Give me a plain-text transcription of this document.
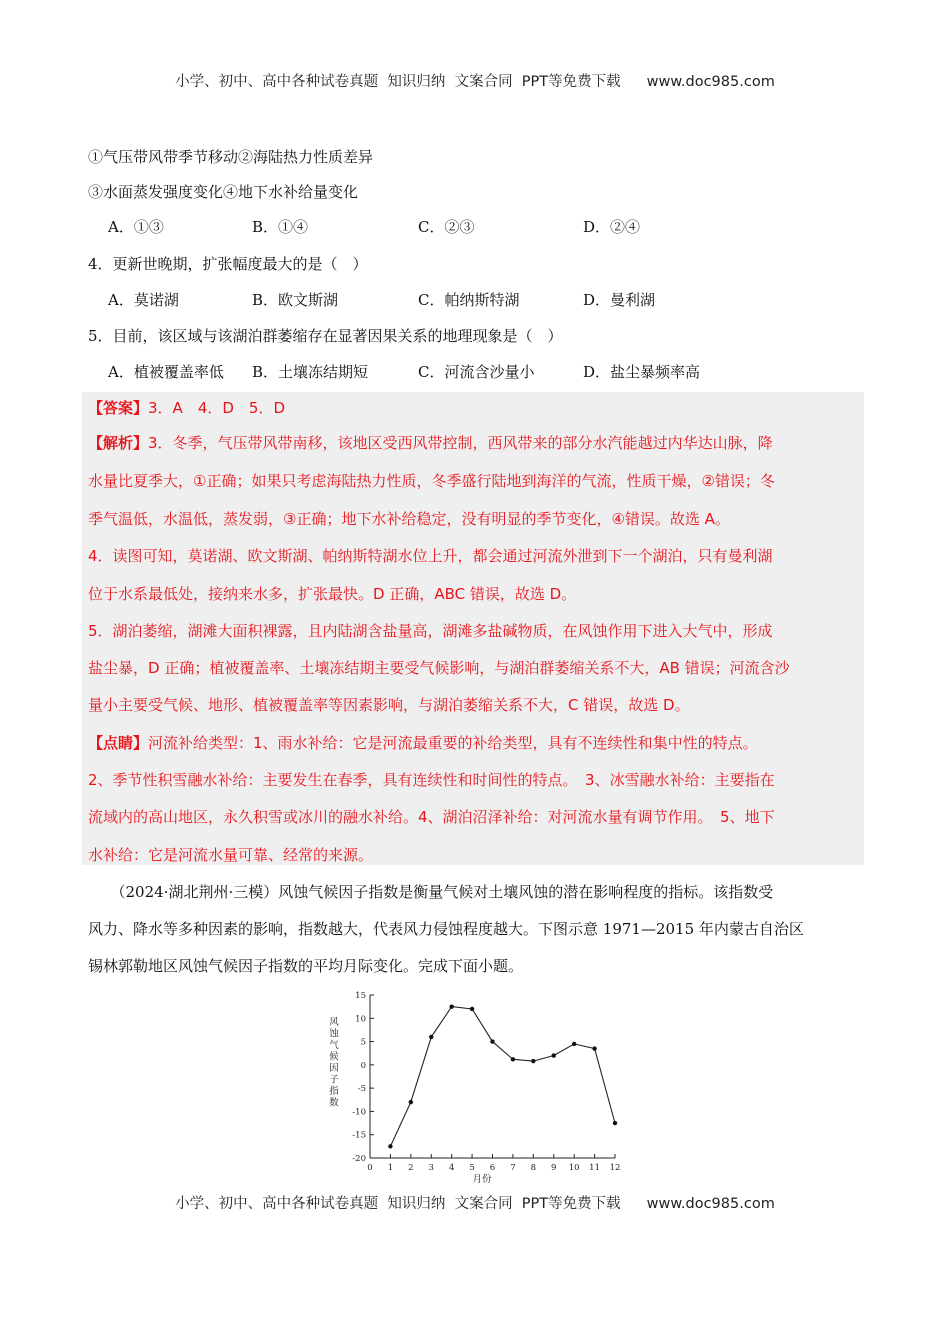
小学、初中、高中各种试卷真题  知识归纳  文案合同  PPT等免费下载 www.doc985.com
①气压带风带季节移动②海陆热力性质差异
③水面蒸发强度变化④地下水补给量变化
A．①③	B．①④	C．②③	D．②④
4．更新世晚期，扩张幅度最大的是（　）
A．莫诺湖	B．欧文斯湖	C．帕纳斯特湖	D．曼利湖
5．目前，该区域与该湖泊群萎缩存在显著因果关系的地理现象是（　）
A．植被覆盖率低 B．土壤冻结期短	C．河流含沙量小	D．盐尘暴频率高
【答案】3．A　4．D　5．D
【解析】3．冬季，气压带风带南移，该地区受西风带控制，西风带来的部分水汽能越过内华达山脉，降
水量比夏季大，①正确；如果只考虑海陆热力性质，冬季盛行陆地到海洋的气流，性质干燥，②错误；冬
季气温低，水温低，蒸发弱，③正确；地下水补给稳定，没有明显的季节变化，④错误。故选 A。
4．读图可知，莫诺湖、欧文斯湖、帕纳斯特湖水位上升，都会通过河流外泄到下一个湖泊，只有曼利湖
位于水系最低处，接纳来水多，扩张最快。D 正确，ABC 错误，故选 D。
5．湖泊萎缩，湖滩大面积裸露，且内陆湖含盐量高，湖滩多盐碱物质，在风蚀作用下进入大气中，形成
盐尘暴，D 正确；植被覆盖率、土壤冻结期主要受气候影响，与湖泊群萎缩关系不大，AB 错误；河流含沙
量小主要受气候、地形、植被覆盖率等因素影响，与湖泊萎缩关系不大，C 错误，故选 D。
【点睛】河流补给类型：1、雨水补给：它是河流最重要的补给类型，具有不连续性和集中性的特点。
2、季节性积雪融水补给：主要发生在春季，具有连续性和时间性的特点。　3、冰雪融水补给：主要指在
流域内的高山地区，永久积雪或冰川的融水补给。4、湖泊沼泽补给：对河流水量有调节作用。　5、地下
水补给：它是河流水量可靠、经常的来源。
　　（2024·湖北荆州·三模）风蚀气候因子指数是衡量气候对土壤风蚀的潜在影响程度的指标。该指数受
风力、降水等多种因素的影响，指数越大，代表风力侵蚀程度越大。下图示意 1971—2015 年内蒙古自治区
锡林郭勒地区风蚀气候因子指数的平均月际变化。完成下面小题。
15
10
5
0
-5
-10
-15
-20
0 1 2 3 4 5 6 7 8 9 10 11 12
月份
风蚀气候因子指数
小学、初中、高中各种试卷真题  知识归纳  文案合同  PPT等免费下载 www.doc985.com
